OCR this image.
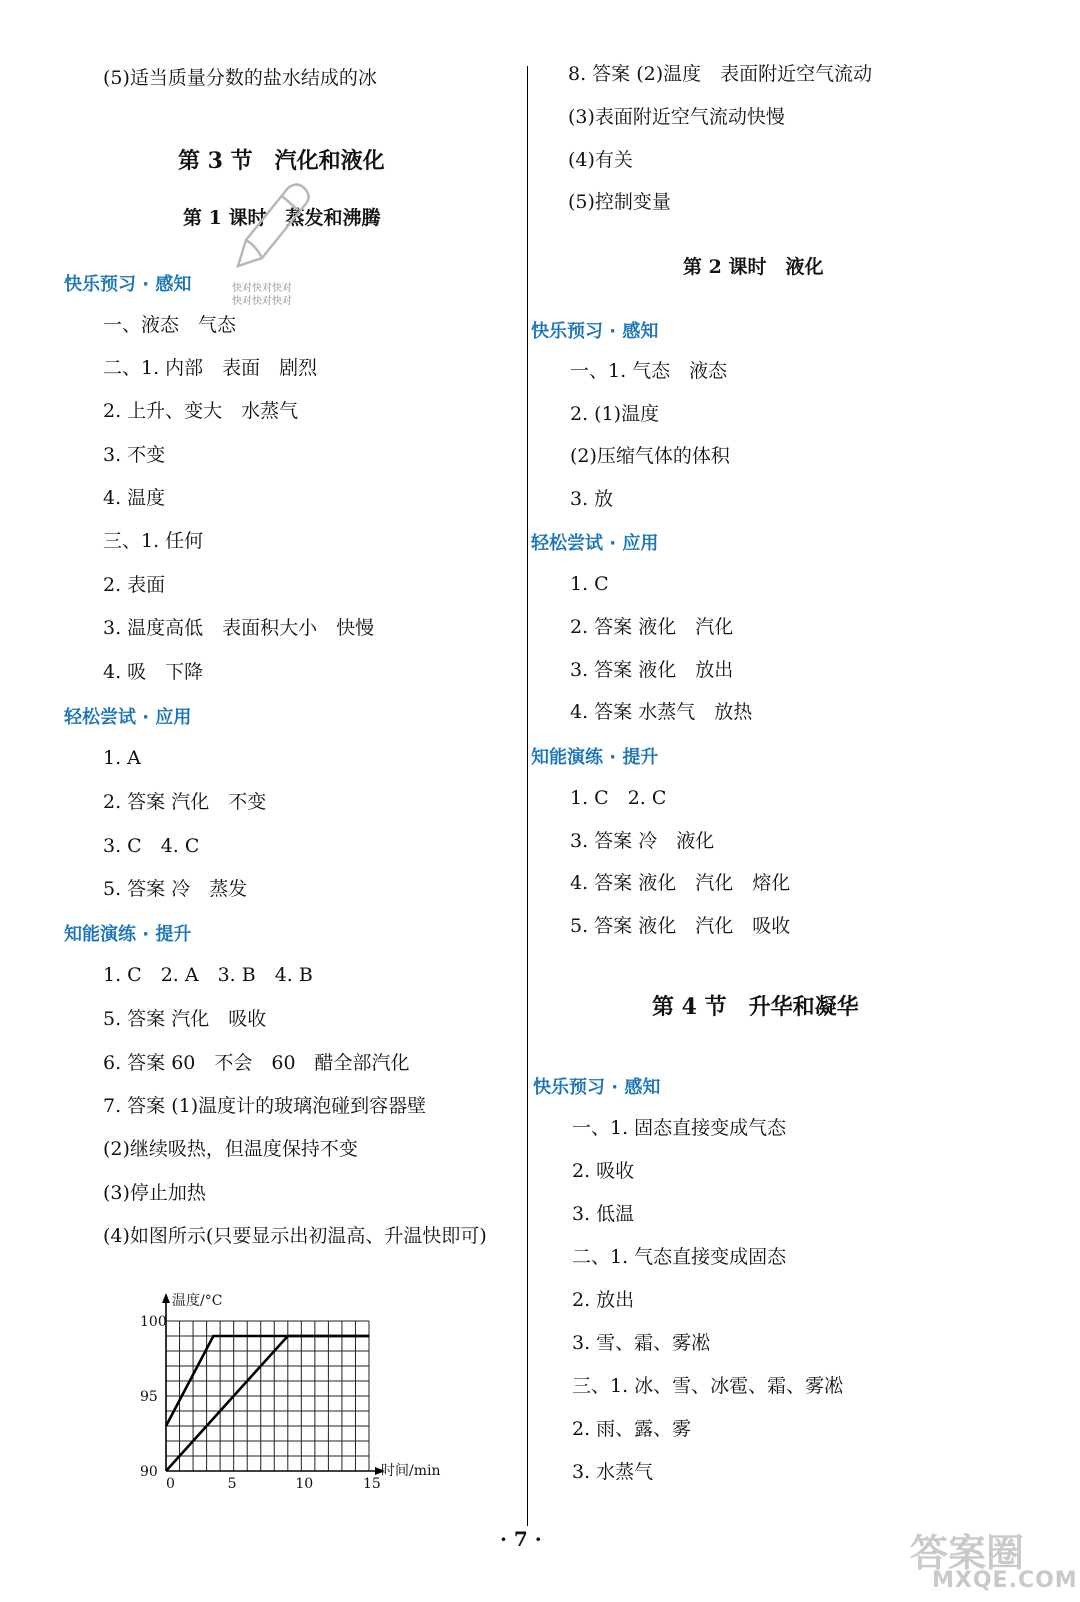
(5)适当质量分数的盐水结成的冰
第 3 节　汽化和液化
第 1 课时　蒸发和沸腾
快对快对快对
快对快对快对
快乐预习 · 感知
一、液态　气态
二、1. 内部　表面　剧烈
2. 上升、变大　水蒸气
3. 不变
4. 温度
三、1. 任何
2. 表面
3. 温度高低　表面积大小　快慢
4. 吸　下降
轻松尝试 · 应用
1. A
2. 答案 汽化　不变
3. C　4. C
5. 答案 冷　蒸发
知能演练 · 提升
1. C　2. A　3. B　4. B
5. 答案 汽化　吸收
6. 答案 60　不会　60　醋全部汽化
7. 答案 (1)温度计的玻璃泡碰到容器壁
(2)继续吸热，但温度保持不变
(3)停止加热
(4)如图所示(只要显示出初温高、升温快即可)
0	5	10	15
90
95
100
时间/min
温度/°C
8. 答案 (2)温度　表面附近空气流动
(3)表面附近空气流动快慢
(4)有关
(5)控制变量
第 2 课时　液化
快乐预习 · 感知
一、1. 气态　液态
2. (1)温度
(2)压缩气体的体积
3. 放
轻松尝试 · 应用
1. C
2. 答案 液化　汽化
3. 答案 液化　放出
4. 答案 水蒸气　放热
知能演练 · 提升
1. C　2. C
3. 答案 冷　液化
4. 答案 液化　汽化　熔化
5. 答案 液化　汽化　吸收
第 4 节　升华和凝华
快乐预习 · 感知
一、1. 固态直接变成气态
2. 吸收
3. 低温
二、1. 气态直接变成固态
2. 放出
3. 雪、霜、雾凇
三、1. 冰、雪、冰雹、霜、雾凇
2. 雨、露、雾
3. 水蒸气
· 7 ·	答案圈
MXQE.COM
